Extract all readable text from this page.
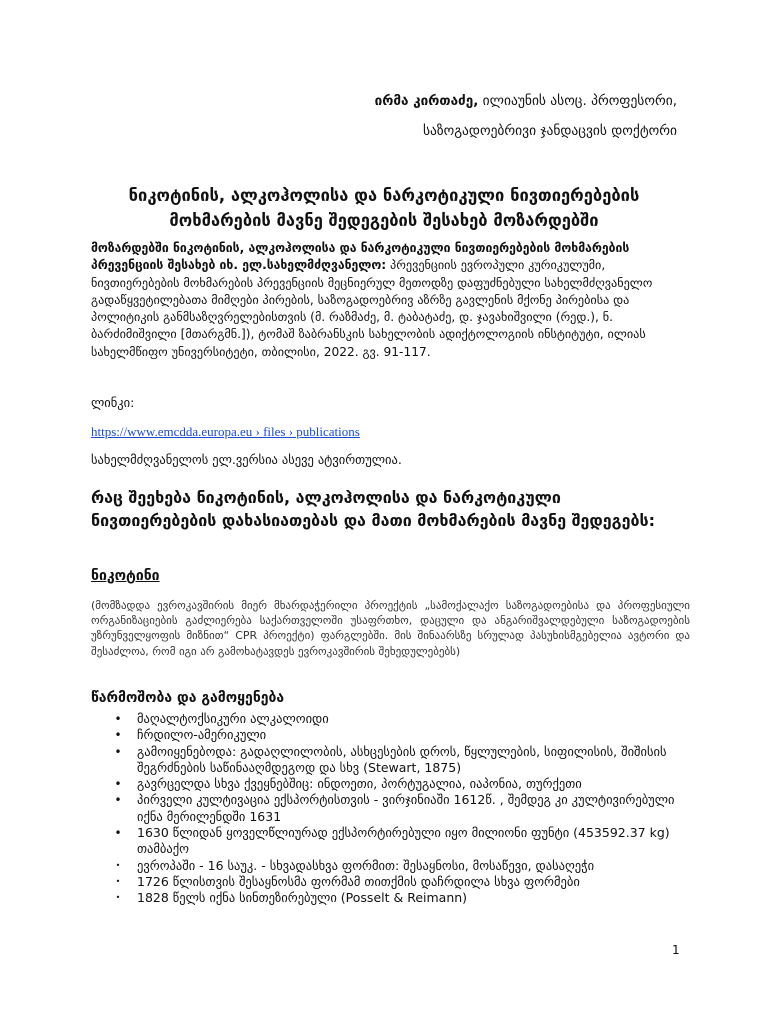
ირმა კირთაძე, ილიაუნის ასოც. პროფესორი,
საზოგადოებრივი ჯანდაცვის დოქტორი
ნიკოტინის, ალკოჰოლისა და ნარკოტიკული ნივთიერებების
მოხმარების მავნე შედეგების შესახებ მოზარდებში
მოზარდებში ნიკოტინის, ალკოჰოლისა და ნარკოტიკული ნივთიერებების მოხმარების პრევენციის შესახებ იხ. ელ.სახელმძღვანელო: პრევენციის ევროპული კურიკულუმი, ნივთიერებების მოხმარების პრევენციის მეცნიერულ მეთოდზე დაფუძნებული სახელმძღვანელო გადაწყვეტილებათა მიმღები პირების, საზოგადოებრივ აზრზე გავლენის მქონე პირებისა და პოლიტიკის განმსაზღვრელებისთვის (მ. რაზმაძე, მ. ტაბატაძე, დ. ჯავახიშვილი (რედ.), ნ. ბარძიმიშვილი [მთარგმნ.]), ტომაშ ზაბრანსკის სახელობის ადიქტოლოგიის ინსტიტუტი, ილიას სახელმწიფო უნივერსიტეტი, თბილისი, 2022. გვ. 91-117.
ლინკი:
https://www.emcdda.europa.eu › files › publications
სახელმძღვანელოს ელ.ვერსია ასევე ატვირთულია.
რაც შეეხება ნიკოტინის, ალკოჰოლისა და ნარკოტიკული ნივთიერებების დახასიათებას და მათი მოხმარების მავნე შედეგებს:
ნიკოტინი
(მომზადდა ევროკავშირის მიერ მხარდაჭერილი პროექტის „სამოქალაქო საზოგადოებისა და პროფესიული ორგანიზაციების გაძლიერება საქართველოში უსაფრთხო, დაცული და ანგარიშვალდებული საზოგადოების უზრუნველყოფის მიზნით“ CPR პროექტი) ფარგლებში. მის შინაარსზე სრულად პასუხისმგებელია ავტორი და შესაძლოა, რომ იგი არ გამოხატავდეს ევროკავშირის შეხედულებებს)
წარმოშობა და გამოყენება
• მაღალტოქსიკური ალკალოიდი
• ჩრდილო-ამერიკული
• გამოიყენებოდა: გადაღლილობის, ასხცესების დროს, წყლულების, სიფილისის, შიშისის შეგრძნების საწინააღმდეგოდ და სხვ (Stewart, 1875)
• გავრცელდა სხვა ქვეყნებშიც: ინდოეთი, პორტუგალია, იაპონია, თურქეთი
• პირველი კულტივაცია ექსპორტისთვის - ვირჯინიაში 1612წ. , შემდეგ კი კულტივირებული იქნა მერილენდში 1631
• 1630 წლიდან ყოველწლიურად ექსპორტირებული იყო მილიონი ფუნტი (453592.37 kg) თამბაქო
• ევროპაში - 16 საუკ. - სხვადასხვა ფორმით: შესაყნოსი, მოსაწევი, დასაღეჭი
• 1726 წლისთვის შესაყნოსმა ფორმამ თითქმის დაჩრდილა სხვა ფორმები
• 1828 წელს იქნა სინთეზირებული (Posselt & Reimann)
1
